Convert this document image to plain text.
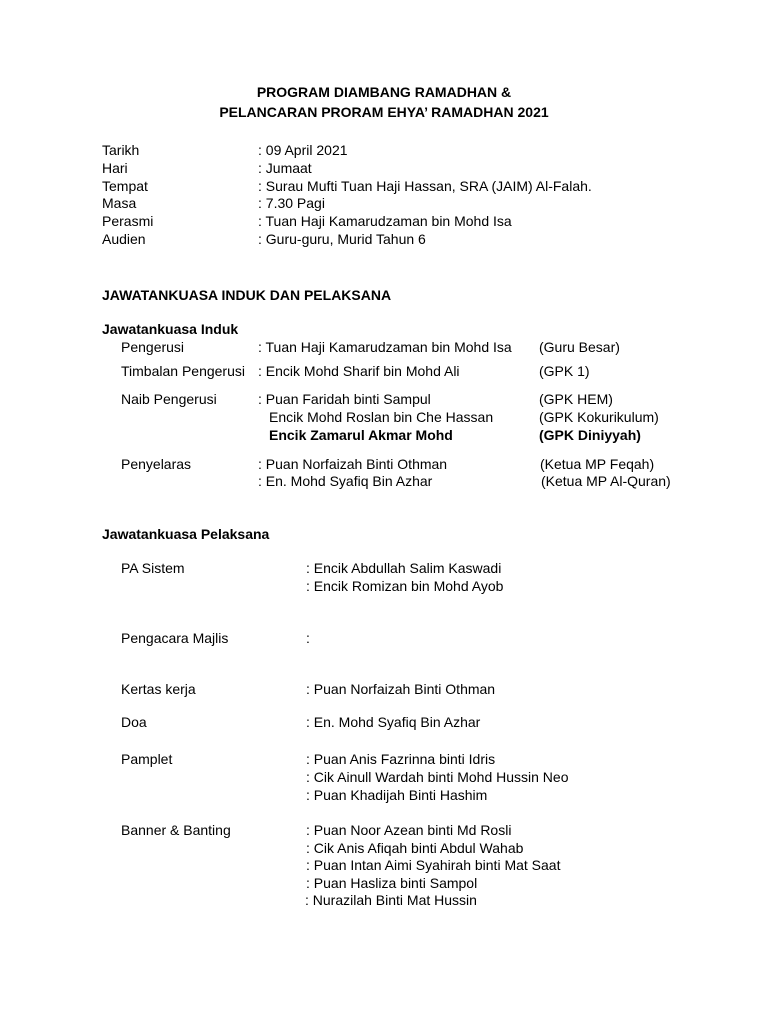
PROGRAM DIAMBANG RAMADHAN &
PELANCARAN PRORAM EHYA’ RAMADHAN 2021
Tarikh	: 09 April 2021
Hari	: Jumaat
Tempat	: Surau Mufti Tuan Haji Hassan, SRA (JAIM) Al-Falah.
Masa	: 7.30 Pagi
Perasmi	: Tuan Haji Kamarudzaman bin Mohd Isa
Audien	: Guru-guru, Murid Tahun 6
JAWATANKUASA INDUK DAN PELAKSANA
Jawatankuasa Induk
Pengerusi	: Tuan Haji Kamarudzaman bin Mohd Isa (Guru Besar)
Timbalan Pengerusi : Encik Mohd Sharif bin Mohd Ali	(GPK 1)
Naib Pengerusi	: Puan Faridah binti Sampul	(GPK HEM)
Encik Mohd Roslan bin Che Hassan	(GPK Kokurikulum)
Encik Zamarul Akmar Mohd	(GPK Diniyyah)
Penyelaras	: Puan Norfaizah Binti Othman	(Ketua MP Feqah)
: En. Mohd Syafiq Bin Azhar	(Ketua MP Al-Quran)
Jawatankuasa Pelaksana
PA Sistem	: Encik Abdullah Salim Kaswadi
: Encik Romizan bin Mohd Ayob
Pengacara Majlis	:
Kertas kerja	: Puan Norfaizah Binti Othman
Doa	: En. Mohd Syafiq Bin Azhar
Pamplet	: Puan Anis Fazrinna binti Idris
: Cik Ainull Wardah binti Mohd Hussin Neo
: Puan Khadijah Binti Hashim
Banner & Banting	: Puan Noor Azean binti Md Rosli
: Cik Anis Afiqah binti Abdul Wahab
: Puan Intan Aimi Syahirah binti Mat Saat
: Puan Hasliza binti Sampol
: Nurazilah Binti Mat Hussin
